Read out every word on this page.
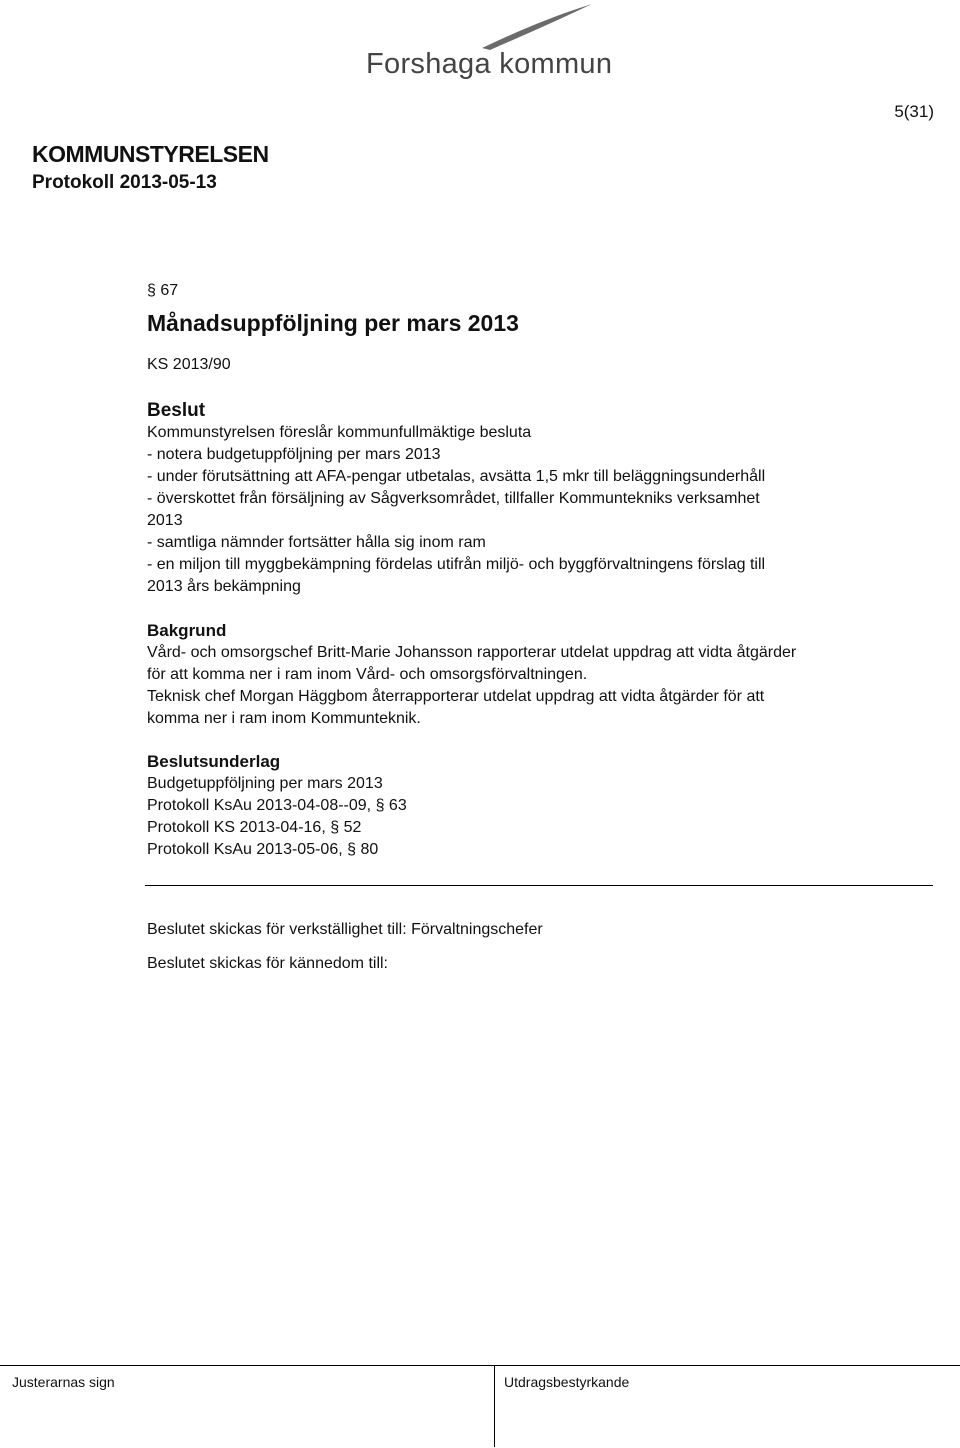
Forshaga kommun
5(31)
KOMMUNSTYRELSEN
Protokoll 2013-05-13
§ 67
Månadsuppföljning per mars 2013
KS 2013/90
Beslut
Kommunstyrelsen föreslår kommunfullmäktige besluta
- notera budgetuppföljning per mars 2013
- under förutsättning att AFA-pengar utbetalas, avsätta 1,5 mkr till beläggningsunderhåll
- överskottet från försäljning av Sågverksområdet, tillfaller Kommuntekniks verksamhet
2013
- samtliga nämnder fortsätter hålla sig inom ram
- en miljon till myggbekämpning fördelas utifrån miljö- och byggförvaltningens förslag till
2013 års bekämpning
Bakgrund
Vård- och omsorgschef Britt-Marie Johansson rapporterar utdelat uppdrag att vidta åtgärder
för att komma ner i ram inom Vård- och omsorgsförvaltningen.
Teknisk chef Morgan Häggbom återrapporterar utdelat uppdrag att vidta åtgärder för att
komma ner i ram inom Kommunteknik.
Beslutsunderlag
Budgetuppföljning per mars 2013
Protokoll KsAu 2013-04-08--09, § 63
Protokoll KS 2013-04-16, § 52
Protokoll KsAu 2013-05-06, § 80
Beslutet skickas för verkställighet till: Förvaltningschefer
Beslutet skickas för kännedom till:
Justerarnas sign	Utdragsbestyrkande
